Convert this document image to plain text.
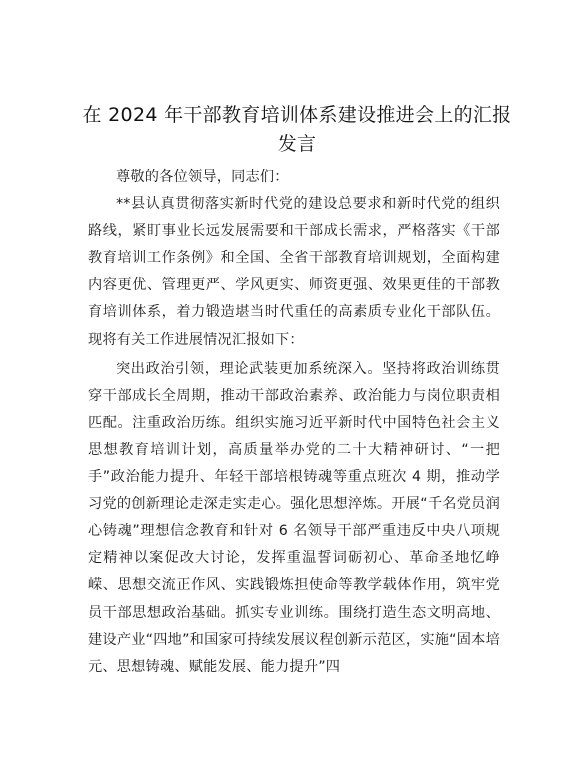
在 2024 年干部教育培训体系建设推进会上的汇报发言

尊敬的各位领导，同志们：

**县认真贯彻落实新时代党的建设总要求和新时代党的组织路线，紧盯事业长远发展需要和干部成长需求，严格落实《干部教育培训工作条例》和全国、全省干部教育培训规划，全面构建内容更优、管理更严、学风更实、师资更强、效果更佳的干部教育培训体系，着力锻造堪当时代重任的高素质专业化干部队伍。现将有关工作进展情况汇报如下：

突出政治引领，理论武装更加系统深入。坚持将政治训练贯穿干部成长全周期，推动干部政治素养、政治能力与岗位职责相匹配。注重政治历练。组织实施习近平新时代中国特色社会主义思想教育培训计划，高质量举办党的二十大精神研讨、“一把手”政治能力提升、年轻干部培根铸魂等重点班次 4 期，推动学习党的创新理论走深走实走心。强化思想淬炼。开展“千名党员润心铸魂”理想信念教育和针对 6 名领导干部严重违反中央八项规定精神以案促改大讨论，发挥重温誓词砺初心、革命圣地忆峥嵘、思想交流正作风、实践锻炼担使命等教学载体作用，筑牢党员干部思想政治基础。抓实专业训练。围绕打造生态文明高地、建设产业“四地”和国家可持续发展议程创新示范区，实施“固本培元、思想铸魂、赋能发展、能力提升”四
